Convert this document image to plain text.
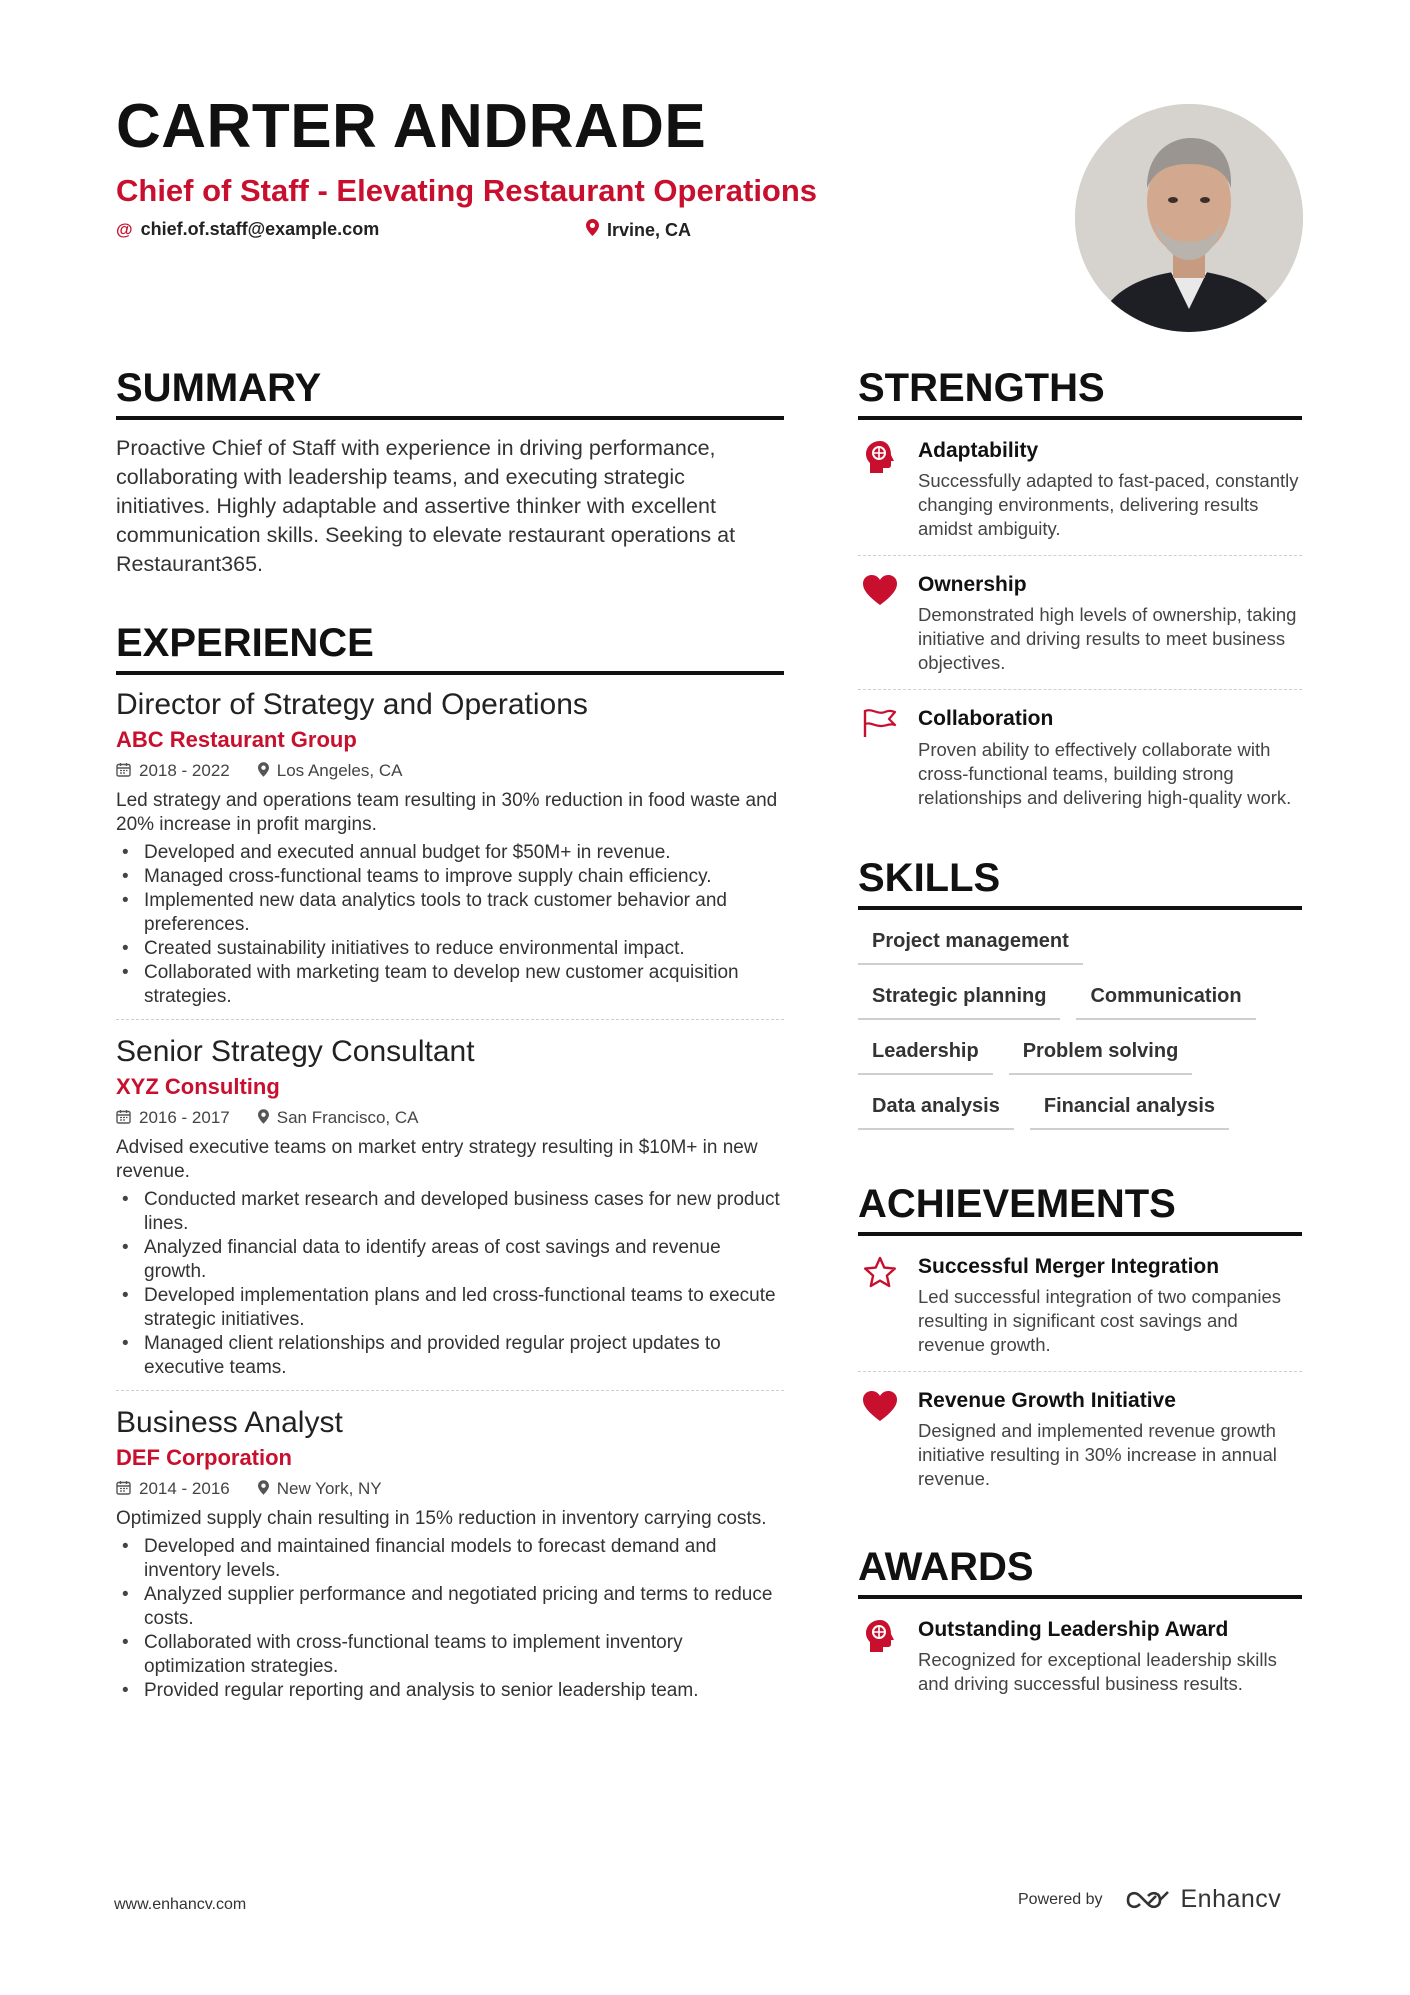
CARTER ANDRADE
Chief of Staff - Elevating Restaurant Operations
@ chief.of.staff@example.com	Irvine, CA
SUMMARY

Proactive Chief of Staff with experience in driving performance, collaborating with leadership teams, and executing strategic initiatives. Highly adaptable and assertive thinker with excellent communication skills. Seeking to elevate restaurant operations at Restaurant365.

EXPERIENCE
Director of Strategy and Operations
ABC Restaurant Group
2018 - 2022	Los Angeles, CA

Led strategy and operations team resulting in 30% reduction in food waste and 20% increase in profit margins.

• Developed and executed annual budget for $50M+ in revenue.
• Managed cross-functional teams to improve supply chain efficiency.
• Implemented new data analytics tools to track customer behavior and preferences.
• Created sustainability initiatives to reduce environmental impact.
• Collaborated with marketing team to develop new customer acquisition strategies.
Senior Strategy Consultant
XYZ Consulting
2016 - 2017	San Francisco, CA

Advised executive teams on market entry strategy resulting in $10M+ in new revenue.

• Conducted market research and developed business cases for new product lines.
• Analyzed financial data to identify areas of cost savings and revenue growth.
• Developed implementation plans and led cross-functional teams to execute strategic initiatives.
• Managed client relationships and provided regular project updates to executive teams.
Business Analyst
DEF Corporation
2014 - 2016	New York, NY

Optimized supply chain resulting in 15% reduction in inventory carrying costs.

• Developed and maintained financial models to forecast demand and inventory levels.
• Analyzed supplier performance and negotiated pricing and terms to reduce costs.
• Collaborated with cross-functional teams to implement inventory optimization strategies.
• Provided regular reporting and analysis to senior leadership team.
STRENGTHS
Adaptability
Successfully adapted to fast-paced, constantly changing environments, delivering results amidst ambiguity.
Ownership
Demonstrated high levels of ownership, taking initiative and driving results to meet business objectives.
Collaboration
Proven ability to effectively collaborate with cross-functional teams, building strong relationships and delivering high-quality work.
SKILLS
Project management
Strategic planning	Communication
Leadership	Problem solving
Data analysis	Financial analysis
ACHIEVEMENTS
Successful Merger Integration
Led successful integration of two companies resulting in significant cost savings and revenue growth.
Revenue Growth Initiative
Designed and implemented revenue growth initiative resulting in 30% increase in annual revenue.
AWARDS
Outstanding Leadership Award
Recognized for exceptional leadership skills and driving successful business results.
www.enhancv.com	Powered by	Enhancv
